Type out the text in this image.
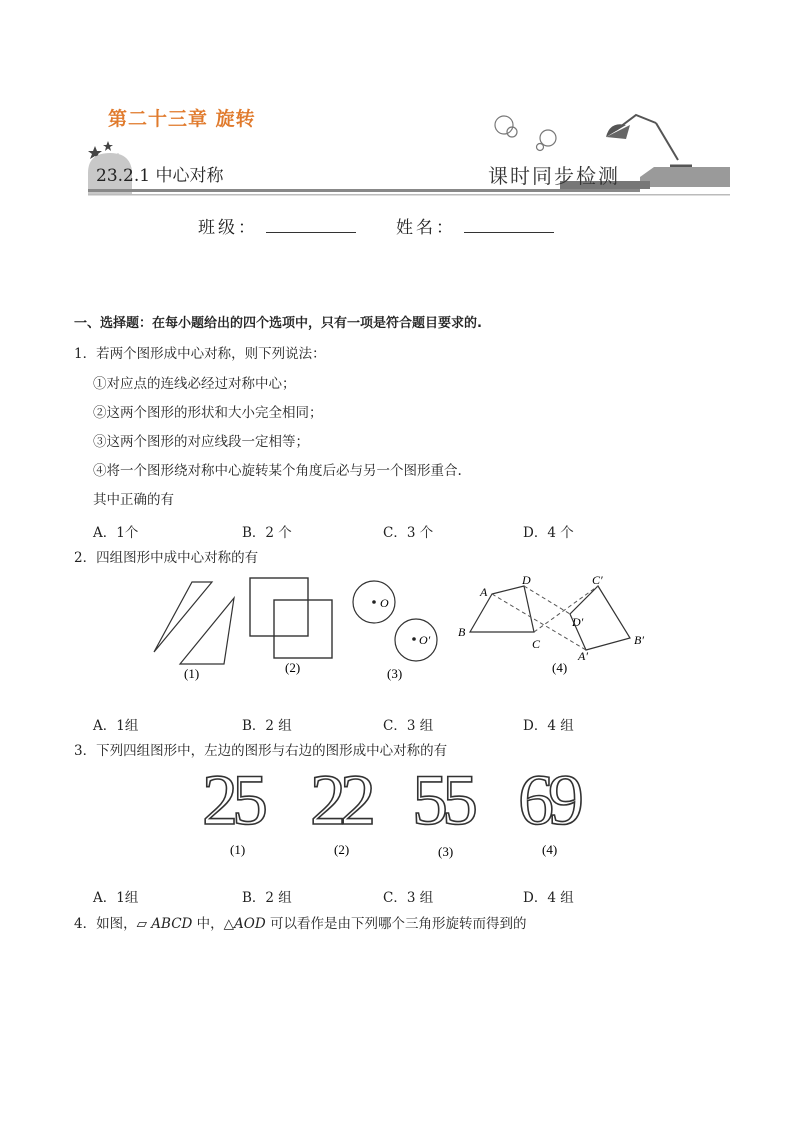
第二十三章 旋转
23.2.1 中心对称	课时同步检测
班级：	姓名：
一、选择题：在每小题给出的四个选项中，只有一项是符合题目要求的.
1．若两个图形成中心对称，则下列说法：
①对应点的连线必经过对称中心；
②这两个图形的形状和大小完全相同；
③这两个图形的对应线段一定相等；
④将一个图形绕对称中心旋转某个角度后必与另一个图形重合.
其中正确的有
A．1个	B．2 个	C．3 个	D．4 个
2．四组图形中成中心对称的有
O
O′
A
B
C
D
A′
B′
C′
D′
(1)	(2)	(3)	(4)
A．1组	B．2 组	C．3 组	D．4 组
3．下列四组图形中，左边的图形与右边的图形成中心对称的有
25 22 55 69
(1)	(2)	(3)	(4)
A．1组	B．2 组	C．3 组	D．4 组
4．如图，▱ ABCD 中，△AOD 可以看作是由下列哪个三角形旋转而得到的
